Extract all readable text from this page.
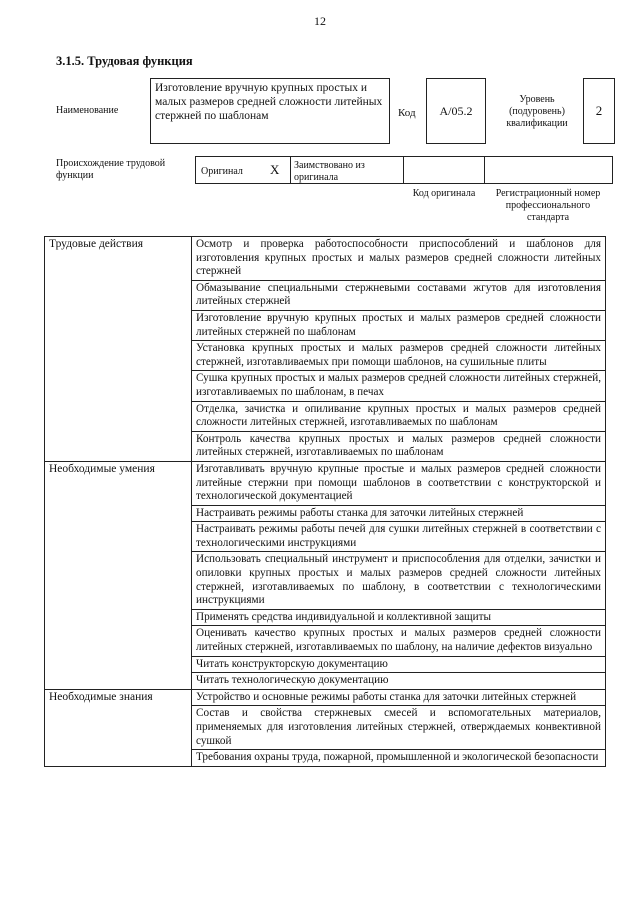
12
3.1.5. Трудовая функция
Наименование
Изготовление вручную крупных простых и малых размеров средней сложности литейных стержней по шаблонам	Код	А/05.2
Уровень (подуровень) квалификации
2
Происхождение трудовой функции	Оригинал X Заимствовано из оригинала
Код оригинала	Регистрационный номер профессионального стандарта
Трудовые действия	Осмотр и проверка работоспособности приспособлений и шаблонов для изготовления крупных простых и малых размеров средней сложности литейных стержней
	Обмазывание специальными стержневыми составами жгутов для изготовления литейных стержней
	Изготовление вручную крупных простых и малых размеров средней сложности литейных стержней по шаблонам
	Установка крупных простых и малых размеров средней сложности литейных стержней, изготавливаемых при помощи шаблонов, на сушильные плиты
	Сушка крупных простых и малых размеров средней сложности литейных стержней, изготавливаемых по шаблонам, в печах
	Отделка, зачистка и опиливание крупных простых и малых размеров средней сложности литейных стержней, изготавливаемых по шаблонам
	Контроль качества крупных простых и малых размеров средней сложности литейных стержней, изготавливаемых по шаблонам
Необходимые умения	Изготавливать вручную крупные простые и малых размеров средней сложности литейные стержни при помощи шаблонов в соответствии с конструкторской и технологической документацией
	Настраивать режимы работы станка для заточки литейных стержней
	Настраивать режимы работы печей для сушки литейных стержней в соответствии с технологическими инструкциями
	Использовать специальный инструмент и приспособления для отделки, зачистки и опиловки крупных простых и малых размеров средней сложности литейных стержней, изготавливаемых по шаблону, в соответствии с технологическими инструкциями
	Применять средства индивидуальной и коллективной защиты
	Оценивать качество крупных простых и малых размеров средней сложности литейных стержней, изготавливаемых по шаблону, на наличие дефектов визуально
	Читать конструкторскую документацию
	Читать технологическую документацию
Необходимые знания	Устройство и основные режимы работы станка для заточки литейных стержней
	Состав и свойства стержневых смесей и вспомогательных материалов, применяемых для изготовления литейных стержней, отверждаемых конвективной сушкой
	Требования охраны труда, пожарной, промышленной и экологической безопасности
